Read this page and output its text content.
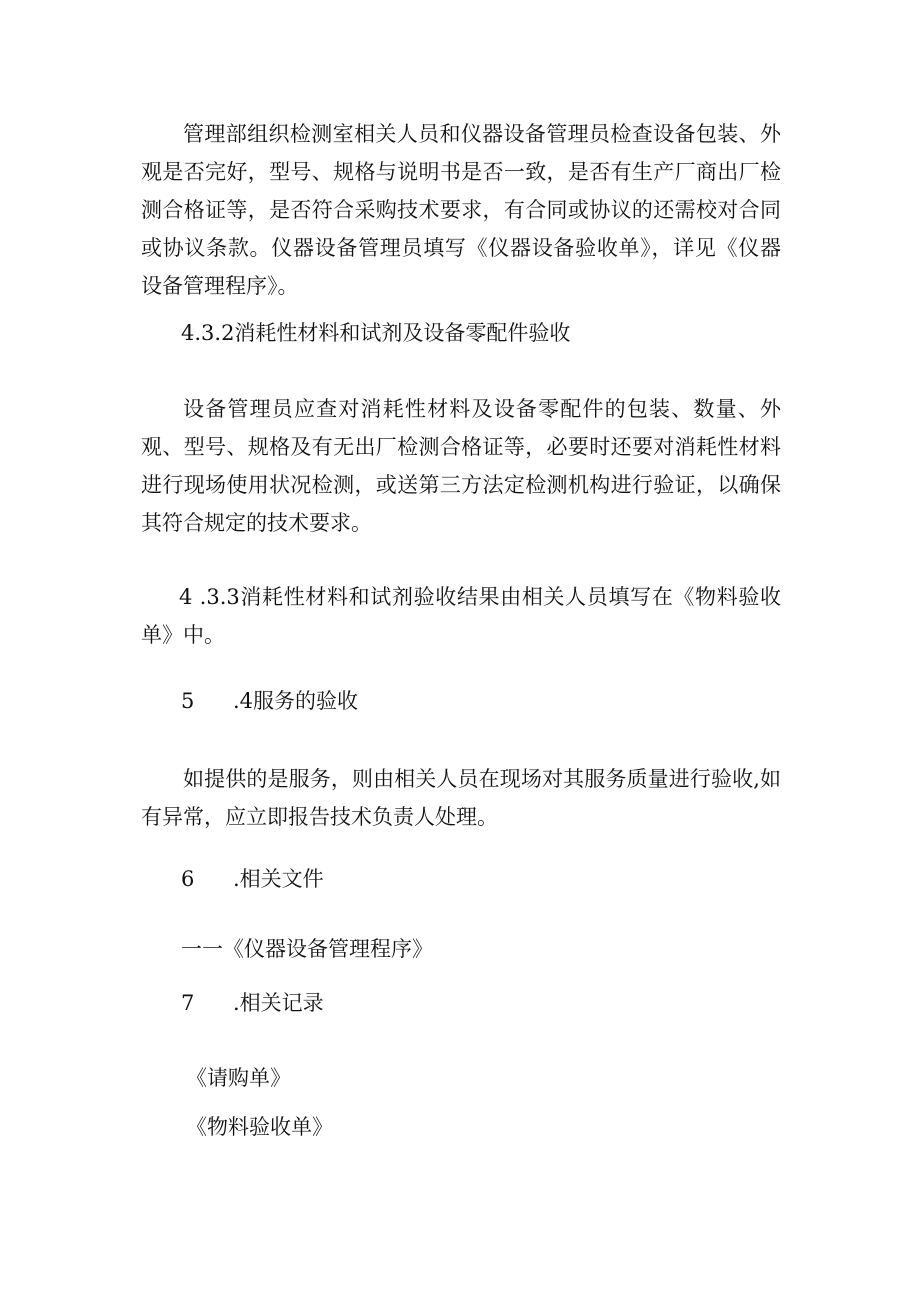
管理部组织检测室相关人员和仪器设备管理员检查设备包装、外观是否完好，型号、规格与说明书是否一致，是否有生产厂商出厂检测合格证等，是否符合采购技术要求，有合同或协议的还需校对合同或协议条款。仪器设备管理员填写《仪器设备验收单》，详见《仪器设备管理程序》。

4.3.2消耗性材料和试剂及设备零配件验收

设备管理员应查对消耗性材料及设备零配件的包装、数量、外观、型号、规格及有无出厂检测合格证等，必要时还要对消耗性材料进行现场使用状况检测，或送第三方法定检测机构进行验证，以确保其符合规定的技术要求。

4 .3.3消耗性材料和试剂验收结果由相关人员填写在《物料验收单》中。

5 .4服务的验收

如提供的是服务，则由相关人员在现场对其服务质量进行验收,如有异常，应立即报告技术负责人处理。

6 .相关文件

一一《仪器设备管理程序》

7 .相关记录

《请购单》

《物料验收单》
